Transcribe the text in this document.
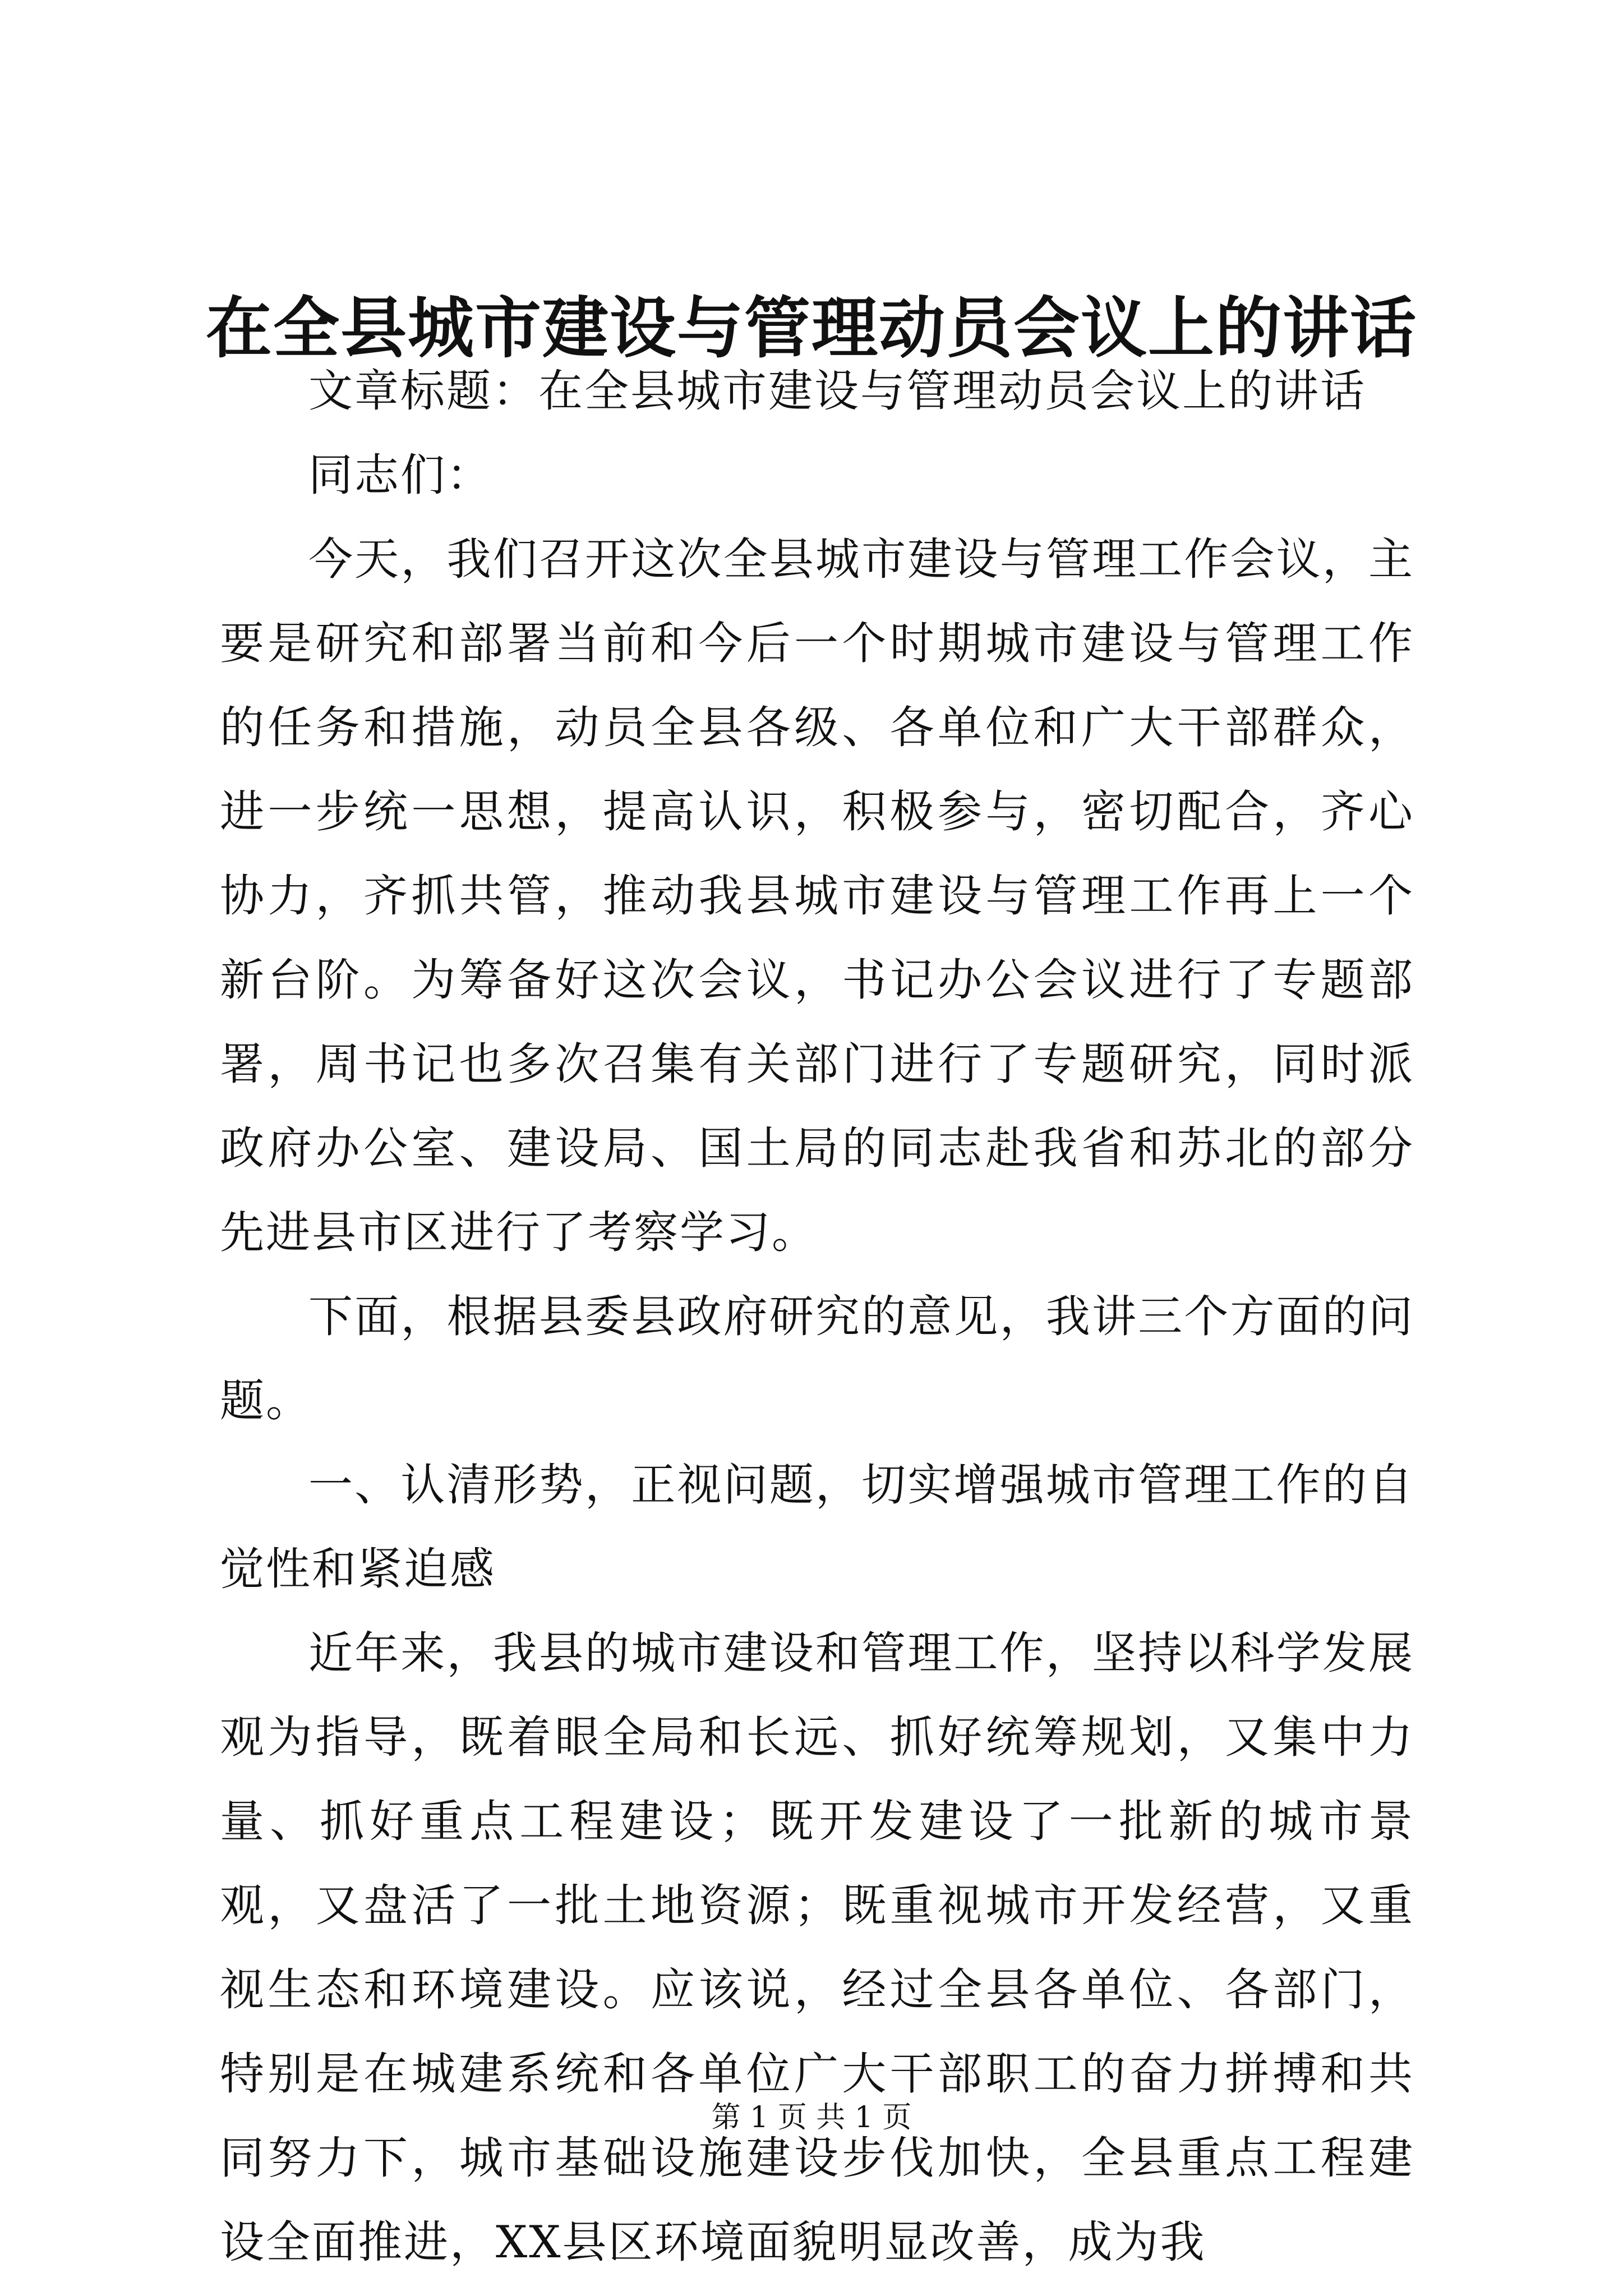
在全县城市建设与管理动员会议上的讲话

文章标题：在全县城市建设与管理动员会议上的讲话

同志们：

今天，我们召开这次全县城市建设与管理工作会议，主要是研究和部署当前和今后一个时期城市建设与管理工作的任务和措施，动员全县各级、各单位和广大干部群众，进一步统一思想，提高认识，积极参与，密切配合，齐心协力，齐抓共管，推动我县城市建设与管理工作再上一个新台阶。为筹备好这次会议，书记办公会议进行了专题部署，周书记也多次召集有关部门进行了专题研究，同时派政府办公室、建设局、国土局的同志赴我省和苏北的部分先进县市区进行了考察学习。

下面，根据县委县政府研究的意见，我讲三个方面的问题。

一、认清形势，正视问题，切实增强城市管理工作的自觉性和紧迫感

近年来，我县的城市建设和管理工作，坚持以科学发展观为指导，既着眼全局和长远、抓好统筹规划，又集中力量、抓好重点工程建设；既开发建设了一批新的城市景观，又盘活了一批土地资源；既重视城市开发经营，又重视生态和环境建设。应该说，经过全县各单位、各部门，特别是在城建系统和各单位广大干部职工的奋力拼搏和共同努力下，城市基础设施建设步伐加快，全县重点工程建设全面推进，XX县区环境面貌明显改善，成为我

第 1 页 共 1 页
